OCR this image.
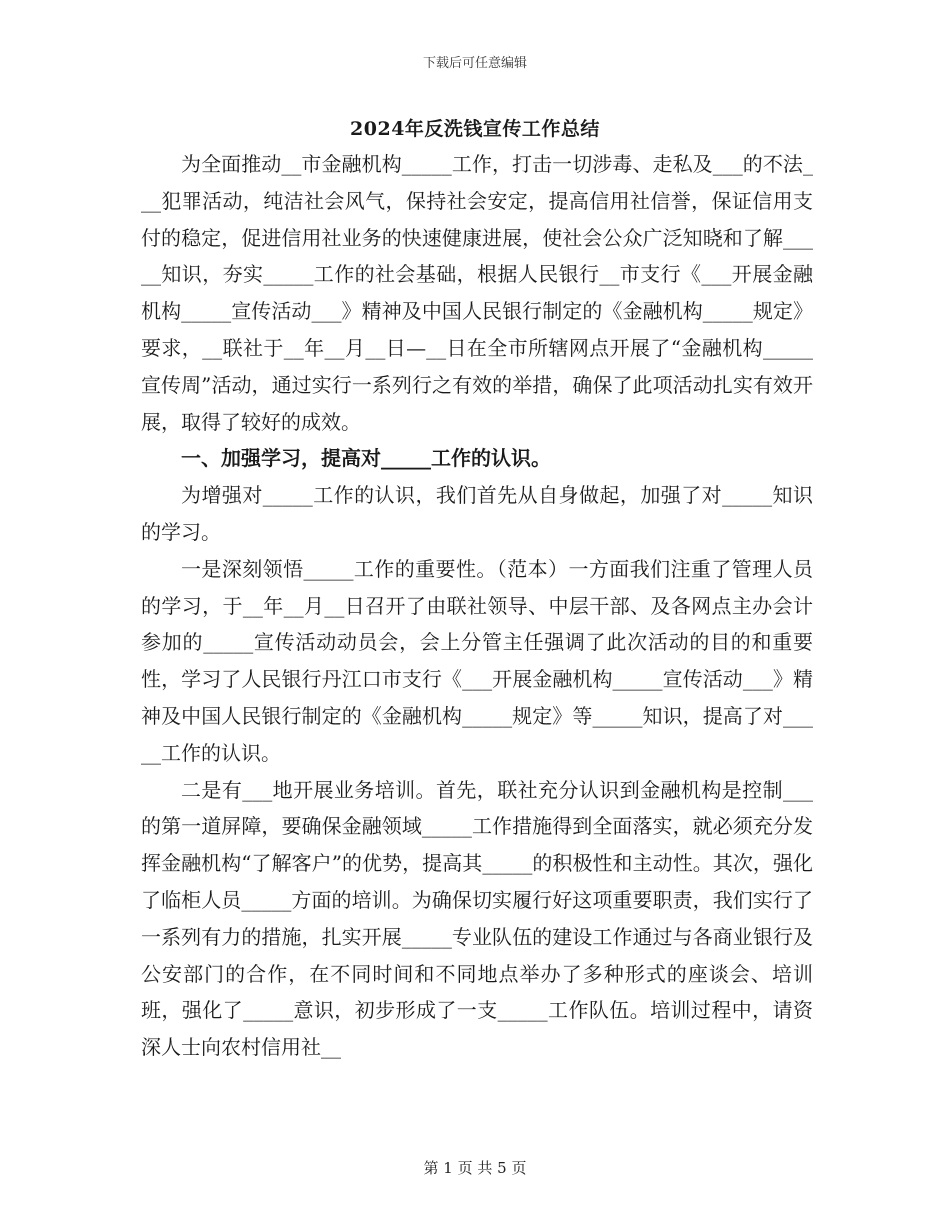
下载后可任意编辑
2024年反洗钱宣传工作总结

为全面推动__市金融机构_____工作，打击一切涉毒、走私及___的不法___犯罪活动，纯洁社会风气，保持社会安定，提高信用社信誉，保证信用支付的稳定，促进信用社业务的快速健康进展，使社会公众广泛知晓和了解_____知识，夯实_____工作的社会基础，根据人民银行__市支行《___开展金融机构_____宣传活动___》精神及中国人民银行制定的《金融机构_____规定》要求，__联社于__年__月__日—__日在全市所辖网点开展了“金融机构_____宣传周”活动，通过实行一系列行之有效的举措，确保了此项活动扎实有效开展，取得了较好的成效。

一、加强学习，提高对_____工作的认识。

为增强对_____工作的认识，我们首先从自身做起，加强了对_____知识的学习。

一是深刻领悟_____工作的重要性。（范本）一方面我们注重了管理人员的学习，于__年__月__日召开了由联社领导、中层干部、及各网点主办会计参加的_____宣传活动动员会，会上分管主任强调了此次活动的目的和重要性，学习了人民银行丹江口市支行《___开展金融机构_____宣传活动___》精神及中国人民银行制定的《金融机构_____规定》等_____知识，提高了对_____工作的认识。

二是有___地开展业务培训。首先，联社充分认识到金融机构是控制___的第一道屏障，要确保金融领域_____工作措施得到全面落实，就必须充分发挥金融机构“了解客户”的优势，提高其_____的积极性和主动性。其次，强化了临柜人员_____方面的培训。为确保切实履行好这项重要职责，我们实行了一系列有力的措施，扎实开展_____专业队伍的建设工作通过与各商业银行及公安部门的合作，在不同时间和不同地点举办了多种形式的座谈会、培训班，强化了_____意识，初步形成了一支_____工作队伍。培训过程中，请资深人士向农村信用社__

第 1 页 共 5 页
